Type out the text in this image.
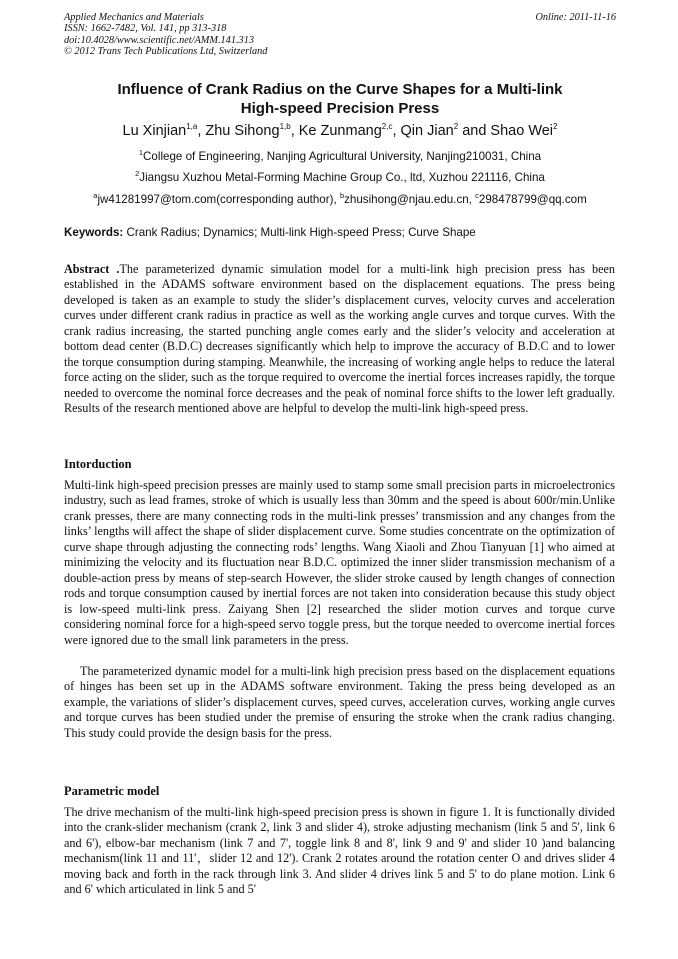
Applied Mechanics and Materials
ISSN: 1662-7482, Vol. 141, pp 313-318
doi:10.4028/www.scientific.net/AMM.141.313
© 2012 Trans Tech Publications Ltd, Switzerland
Online: 2011-11-16
Influence of Crank Radius on the Curve Shapes for a Multi-link
High-speed Precision Press
Lu Xinjian$^{1,a}$, Zhu Sihong$^{1,b}$, Ke Zunmang$^{2,c}$, Qin Jian$^2$ and Shao Wei$^2$
$^1$College of Engineering, Nanjing Agricultural University, Nanjing210031, China
$^2$Jiangsu Xuzhou Metal-Forming Machine Group Co., ltd, Xuzhou 221116, China
$^a$jw41281997@tom.com(corresponding author), $^b$zhusihong@njau.edu.cn, $^c$298478799@qq.com
Keywords: Crank Radius; Dynamics; Multi-link High-speed Press; Curve Shape
Abstract .The parameterized dynamic simulation model for a multi-link high precision press has been established in the ADAMS software environment based on the displacement equations. The press being developed is taken as an example to study the slider’s displacement curves, velocity curves and acceleration curves under different crank radius in practice as well as the working angle curves and torque curves. With the crank radius increasing, the started punching angle comes early and the slider’s velocity and acceleration at bottom dead center (B.D.C) decreases significantly which help to improve the accuracy of B.D.C and to lower the torque consumption during stamping. Meanwhile, the increasing of working angle helps to reduce the lateral force acting on the slider, such as the torque required to overcome the inertial forces increases rapidly, the torque needed to overcome the nominal force decreases and the peak of nominal force shifts to the lower left gradually. Results of the research mentioned above are helpful to develop the multi-link high-speed press.
Intorduction
Multi-link high-speed precision presses are mainly used to stamp some small precision parts in microelectronics industry, such as lead frames, stroke of which is usually less than 30mm and the speed is about 600r/min.Unlike crank presses, there are many connecting rods in the multi-link presses’ transmission and any changes from the links’ lengths will affect the shape of slider displacement curve. Some studies concentrate on the optimization of curve shape through adjusting the connecting rods’ lengths. Wang Xiaoli and Zhou Tianyuan [1] who aimed at minimizing the velocity and its fluctuation near B.D.C. optimized the inner slider transmission mechanism of a double-action press by means of step-search However, the slider stroke caused by length changes of connection rods and torque consumption caused by inertial forces are not taken into consideration because this study object is low-speed multi-link press. Zaiyang Shen [2] researched the slider motion curves and torque curve considering nominal force for a high-speed servo toggle press, but the torque needed to overcome inertial forces were ignored due to the small link parameters in the press.
The parameterized dynamic model for a multi-link high precision press based on the displacement equations of hinges has been set up in the ADAMS software environment. Taking the press being developed as an example, the variations of slider’s displacement curves, speed curves, acceleration curves, working angle curves and torque curves has been studied under the premise of ensuring the stroke when the crank radius changing. This study could provide the design basis for the press.
Parametric model
The drive mechanism of the multi-link high-speed precision press is shown in figure 1. It is functionally divided into the crank-slider mechanism (crank 2, link 3 and slider 4), stroke adjusting mechanism (link 5 and 5', link 6 and 6'), elbow-bar mechanism (link 7 and 7', toggle link 8 and 8', link 9 and 9' and slider 10 )and balancing mechanism(link 11 and 11'，slider 12 and 12'). Crank 2 rotates around the rotation center O and drives slider 4 moving back and forth in the rack through link 3. And slider 4 drives link 5 and 5' to do plane motion. Link 6 and 6' which articulated in link 5 and 5'
